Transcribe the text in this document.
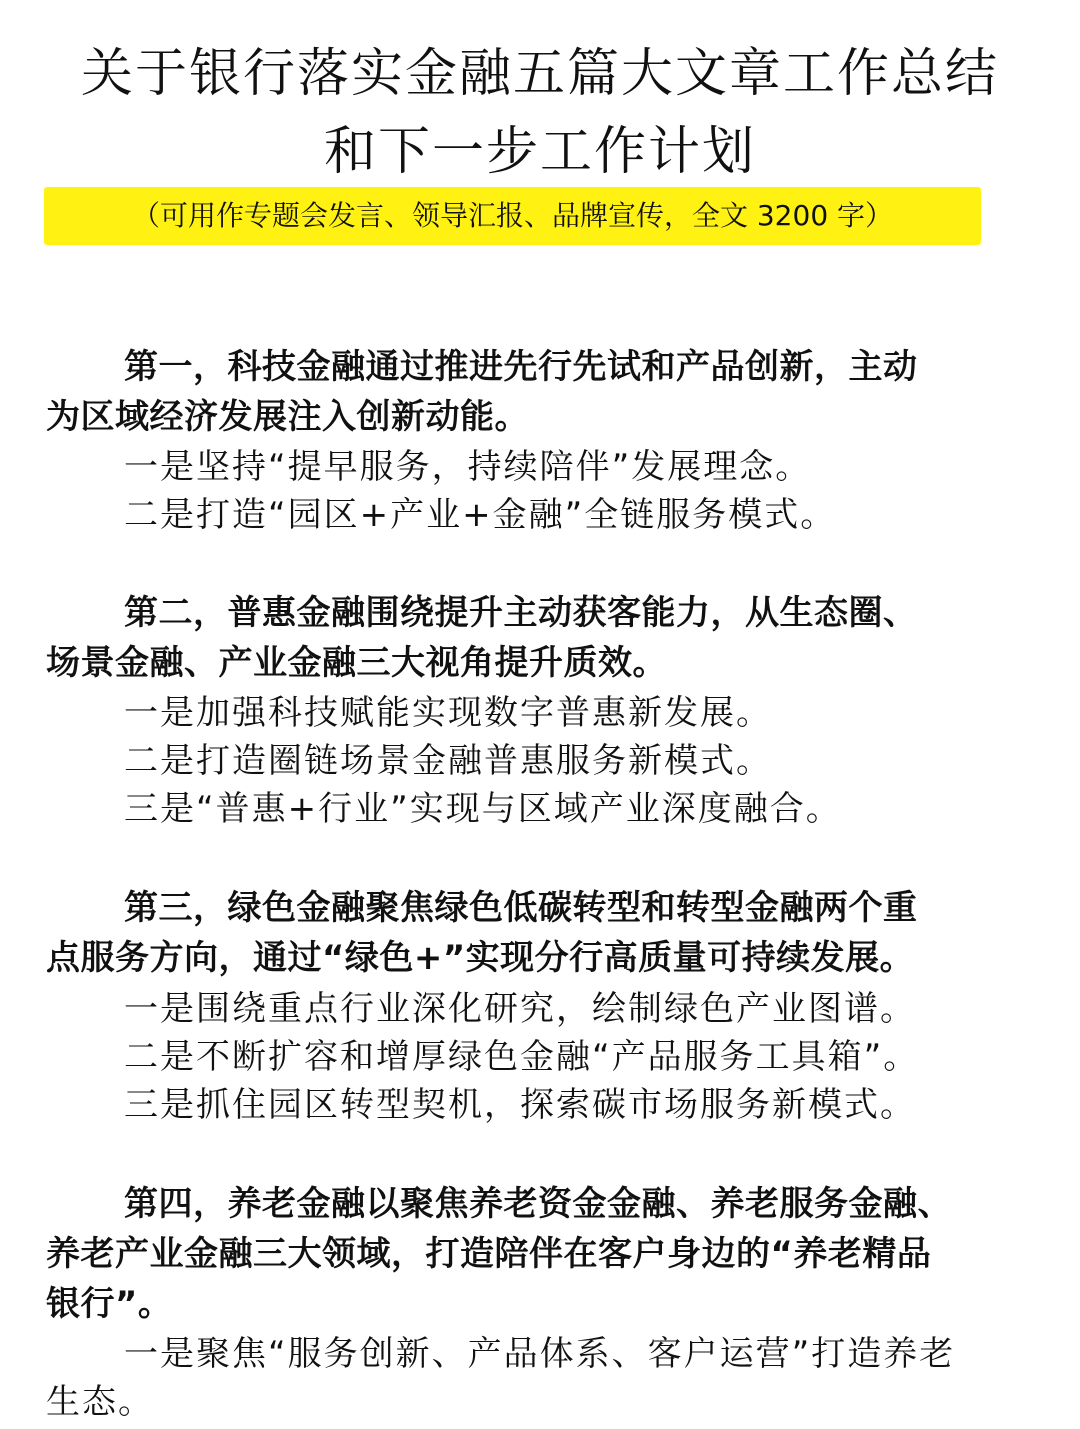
关于银行落实金融五篇大文章工作总结
和下一步工作计划
（可用作专题会发言、领导汇报、品牌宣传，全文 3200 字）
第一，科技金融通过推进先行先试和产品创新，主动
为区域经济发展注入创新动能。
一是坚持“提早服务，持续陪伴”发展理念。
二是打造“园区+产业+金融”全链服务模式。
第二，普惠金融围绕提升主动获客能力，从生态圈、
场景金融、产业金融三大视角提升质效。
一是加强科技赋能实现数字普惠新发展。
二是打造圈链场景金融普惠服务新模式。
三是“普惠+行业”实现与区域产业深度融合。
第三，绿色金融聚焦绿色低碳转型和转型金融两个重
点服务方向，通过“绿色+”实现分行高质量可持续发展。
一是围绕重点行业深化研究，绘制绿色产业图谱。
二是不断扩容和增厚绿色金融“产品服务工具箱”。
三是抓住园区转型契机，探索碳市场服务新模式。
第四，养老金融以聚焦养老资金金融、养老服务金融、
养老产业金融三大领域，打造陪伴在客户身边的“养老精品
银行”。
一是聚焦“服务创新、产品体系、客户运营”打造养老
生态。
